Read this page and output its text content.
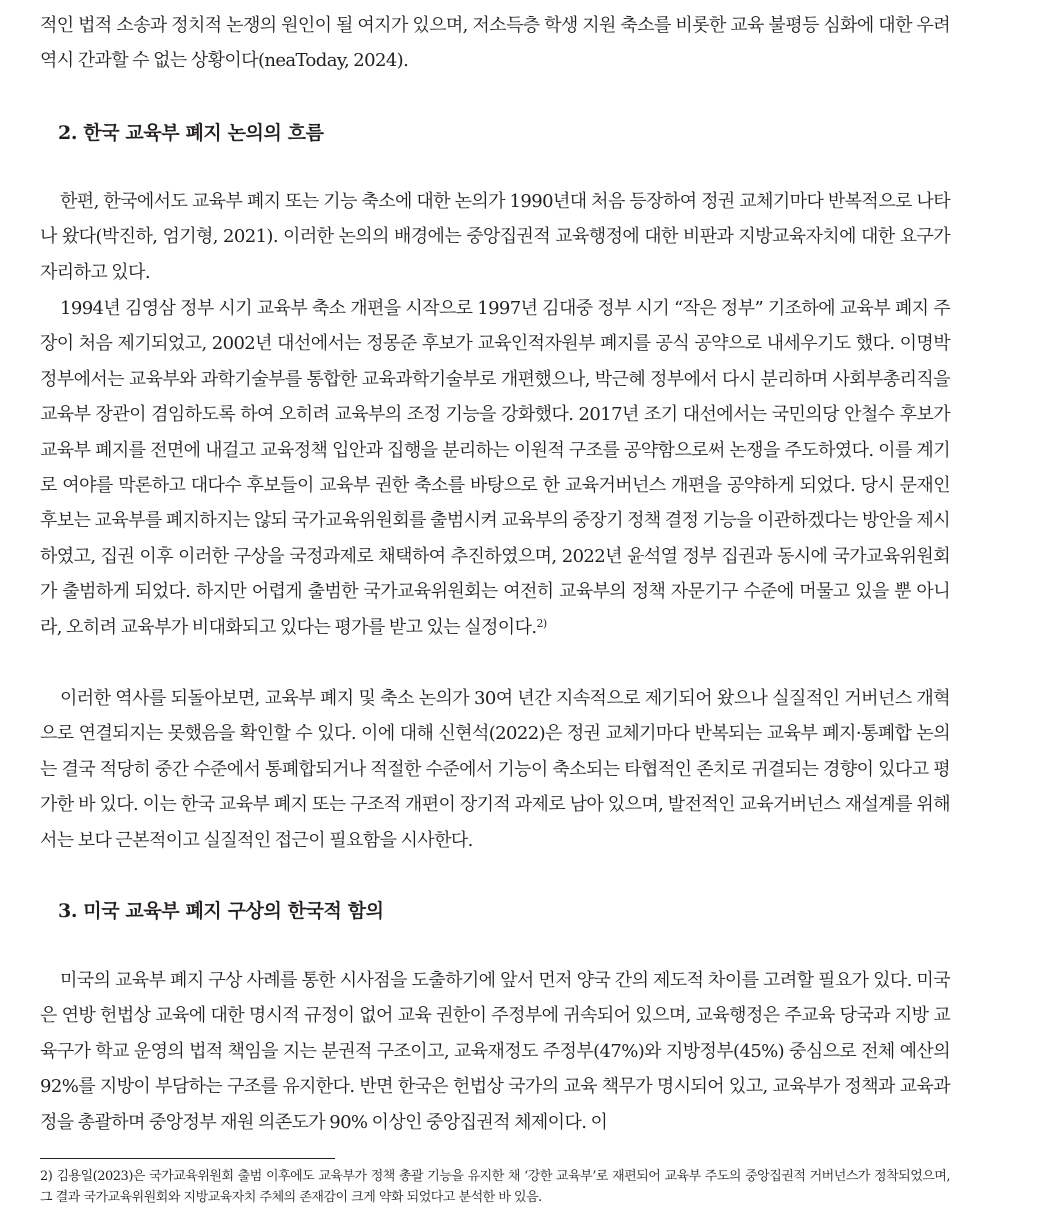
적인 법적 소송과 정치적 논쟁의 원인이 될 여지가 있으며, 저소득층 학생 지원 축소를 비롯한 교육 불평등 심화에 대한 우려 역시 간과할 수 없는 상황이다(neaToday, 2024).

2. 한국 교육부 폐지 논의의 흐름

한편, 한국에서도 교육부 폐지 또는 기능 축소에 대한 논의가 1990년대 처음 등장하여 정권 교체기마다 반복적으로 나타나 왔다(박진하, 엄기형, 2021). 이러한 논의의 배경에는 중앙집권적 교육행정에 대한 비판과 지방교육자치에 대한 요구가 자리하고 있다.

1994년 김영삼 정부 시기 교육부 축소 개편을 시작으로 1997년 김대중 정부 시기 “작은 정부” 기조하에 교육부 폐지 주장이 처음 제기되었고, 2002년 대선에서는 정몽준 후보가 교육인적자원부 폐지를 공식 공약으로 내세우기도 했다. 이명박 정부에서는 교육부와 과학기술부를 통합한 교육과학기술부로 개편했으나, 박근혜 정부에서 다시 분리하며 사회부총리직을 교육부 장관이 겸임하도록 하여 오히려 교육부의 조정 기능을 강화했다. 2017년 조기 대선에서는 국민의당 안철수 후보가 교육부 폐지를 전면에 내걸고 교육정책 입안과 집행을 분리하는 이원적 구조를 공약함으로써 논쟁을 주도하였다. 이를 계기로 여야를 막론하고 대다수 후보들이 교육부 권한 축소를 바탕으로 한 교육거버넌스 개편을 공약하게 되었다. 당시 문재인 후보는 교육부를 폐지하지는 않되 국가교육위원회를 출범시켜 교육부의 중장기 정책 결정 기능을 이관하겠다는 방안을 제시하였고, 집권 이후 이러한 구상을 국정과제로 채택하여 추진하였으며, 2022년 윤석열 정부 집권과 동시에 국가교육위원회가 출범하게 되었다. 하지만 어렵게 출범한 국가교육위원회는 여전히 교육부의 정책 자문기구 수준에 머물고 있을 뿐 아니라, 오히려 교육부가 비대화되고 있다는 평가를 받고 있는 실정이다.$^{2)}$

이러한 역사를 되돌아보면, 교육부 폐지 및 축소 논의가 30여 년간 지속적으로 제기되어 왔으나 실질적인 거버넌스 개혁으로 연결되지는 못했음을 확인할 수 있다. 이에 대해 신현석(2022)은 정권 교체기마다 반복되는 교육부 폐지·통폐합 논의는 결국 적당히 중간 수준에서 통폐합되거나 적절한 수준에서 기능이 축소되는 타협적인 존치로 귀결되는 경향이 있다고 평가한 바 있다. 이는 한국 교육부 폐지 또는 구조적 개편이 장기적 과제로 남아 있으며, 발전적인 교육거버넌스 재설계를 위해서는 보다 근본적이고 실질적인 접근이 필요함을 시사한다.

3. 미국 교육부 폐지 구상의 한국적 함의

미국의 교육부 폐지 구상 사례를 통한 시사점을 도출하기에 앞서 먼저 양국 간의 제도적 차이를 고려할 필요가 있다. 미국은 연방 헌법상 교육에 대한 명시적 규정이 없어 교육 권한이 주정부에 귀속되어 있으며, 교육행정은 주교육 당국과 지방 교육구가 학교 운영의 법적 책임을 지는 분권적 구조이고, 교육재정도 주정부(47%)와 지방정부(45%) 중심으로 전체 예산의 92%를 지방이 부담하는 구조를 유지한다. 반면 한국은 헌법상 국가의 교육 책무가 명시되어 있고, 교육부가 정책과 교육과정을 총괄하며 중앙정부 재원 의존도가 90% 이상인 중앙집권적 체제이다. 이

2) 김용일(2023)은 국가교육위원회 출범 이후에도 교육부가 정책 총괄 기능을 유지한 채 ‘강한 교육부’로 재편되어 교육부 주도의 중앙집권적 거버넌스가 정착되었으며, 그 결과 국가교육위원회와 지방교육자치 주체의 존재감이 크게 약화 되었다고 분석한 바 있음.
